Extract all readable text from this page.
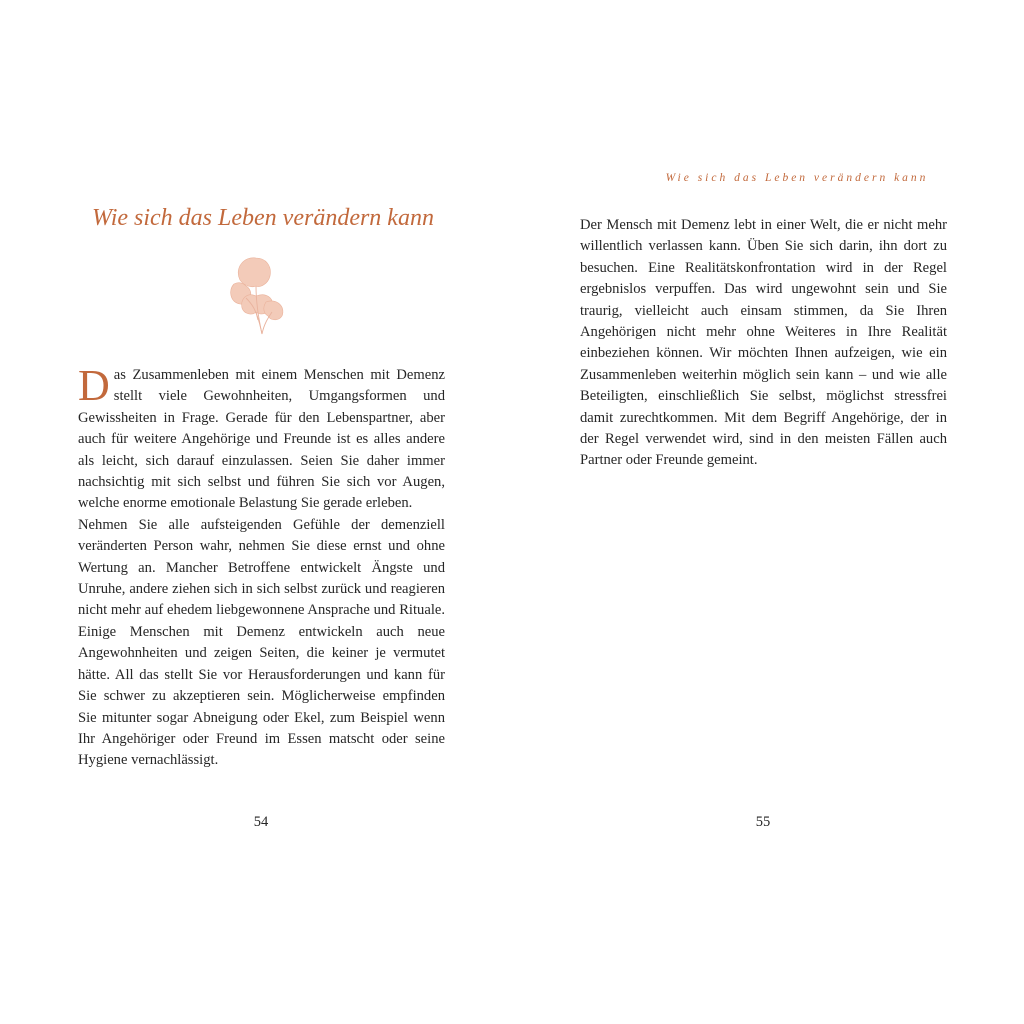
Wie sich das Leben verändern kann

Das Zusammenleben mit einem Menschen mit Demenz stellt viele Gewohnheiten, Umgangsformen und Gewissheiten in Frage. Gerade für den Lebenspartner, aber auch für weitere Angehörige und Freunde ist es alles andere als leicht, sich darauf einzulassen. Seien Sie daher immer nachsichtig mit sich selbst und führen Sie sich vor Augen, welche enorme emotionale Belastung Sie gerade erleben.

Nehmen Sie alle aufsteigenden Gefühle der demenziell veränderten Person wahr, nehmen Sie diese ernst und ohne Wertung an. Mancher Betroffene entwickelt Ängste und Unruhe, andere ziehen sich in sich selbst zurück und reagieren nicht mehr auf ehedem liebgewonnene Ansprache und Rituale. Einige Menschen mit Demenz entwickeln auch neue Angewohnheiten und zeigen Seiten, die keiner je vermutet hätte. All das stellt Sie vor Herausforderungen und kann für Sie schwer zu akzeptieren sein. Möglicherweise empfinden Sie mitunter sogar Abneigung oder Ekel, zum Beispiel wenn Ihr Angehöriger oder Freund im Essen matscht oder seine Hygiene vernachlässigt.

54
Wie sich das Leben verändern kann

Der Mensch mit Demenz lebt in einer Welt, die er nicht mehr willentlich verlassen kann. Üben Sie sich darin, ihn dort zu besuchen. Eine Realitätskonfrontation wird in der Regel ergebnislos verpuffen. Das wird ungewohnt sein und Sie traurig, vielleicht auch einsam stimmen, da Sie Ihren Angehörigen nicht mehr ohne Weiteres in Ihre Realität einbeziehen können. Wir möchten Ihnen aufzeigen, wie ein Zusammenleben weiterhin möglich sein kann – und wie alle Beteiligten, einschließlich Sie selbst, möglichst stressfrei damit zurechtkommen. Mit dem Begriff Angehörige, der in der Regel verwendet wird, sind in den meisten Fällen auch Partner oder Freunde gemeint.

55
